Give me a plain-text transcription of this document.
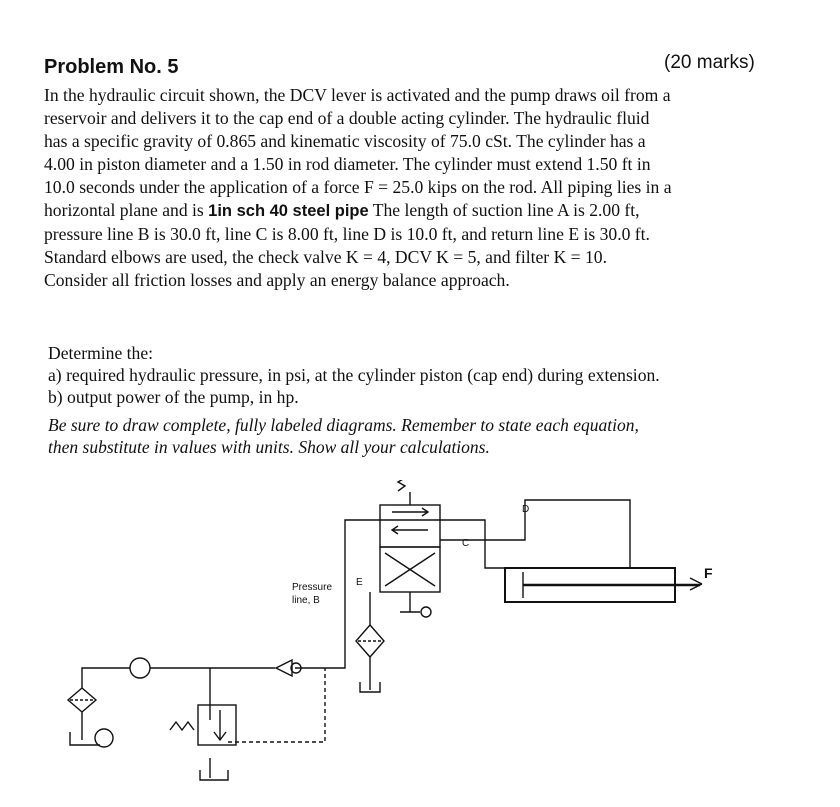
Problem No. 5	(20 marks)
In the hydraulic circuit shown, the DCV lever is activated and the pump draws oil from a
reservoir and delivers it to the cap end of a double acting cylinder. The hydraulic fluid
has a specific gravity of 0.865 and kinematic viscosity of 75.0 cSt. The cylinder has a
4.00 in piston diameter and a 1.50 in rod diameter. The cylinder must extend 1.50 ft in
10.0 seconds under the application of a force F = 25.0 kips on the rod. All piping lies in a
horizontal plane and is 1in sch 40 steel pipe The length of suction line A is 2.00 ft,
pressure line B is 30.0 ft, line C is 8.00 ft, line D is 10.0 ft, and return line E is 30.0 ft.
Standard elbows are used, the check valve K = 4, DCV K = 5, and filter K = 10.
Consider all friction losses and apply an energy balance approach.
Determine the:
a) required hydraulic pressure, in psi, at the cylinder piston (cap end) during extension.
b) output power of the pump, in hp.
Be sure to draw complete, fully labeled diagrams. Remember to state each equation,
then substitute in values with units. Show all your calculations.
D
C
E
F
Pressure
line, B
